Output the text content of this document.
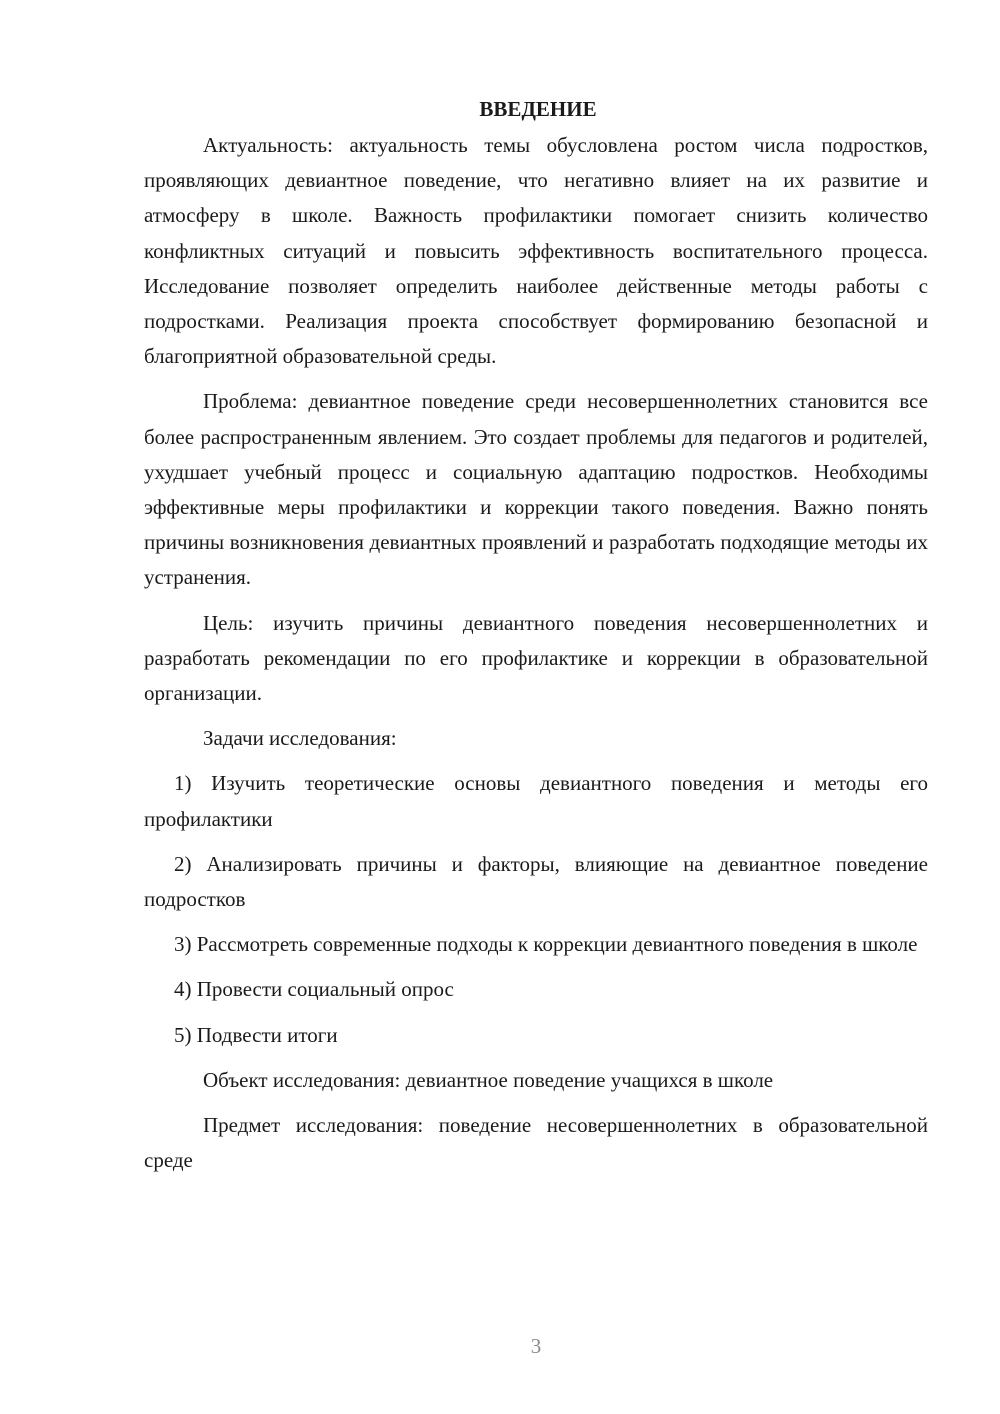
ВВЕДЕНИЕ

Актуальность: актуальность темы обусловлена ростом числа подростков, проявляющих девиантное поведение, что негативно влияет на их развитие и атмосферу в школе. Важность профилактики помогает снизить количество конфликтных ситуаций и повысить эффективность воспитательного процесса. Исследование позволяет определить наиболее действенные методы работы с подростками. Реализация проекта способствует формированию безопасной и благоприятной образовательной среды.

Проблема: девиантное поведение среди несовершеннолетних становится все более распространенным явлением. Это создает проблемы для педагогов и родителей, ухудшает учебный процесс и социальную адаптацию подростков. Необходимы эффективные меры профилактики и коррекции такого поведения. Важно понять причины возникновения девиантных проявлений и разработать подходящие методы их устранения.

Цель: изучить причины девиантного поведения несовершеннолетних и разработать рекомендации по его профилактике и коррекции в образовательной организации.

Задачи исследования:

1) Изучить теоретические основы девиантного поведения и методы его профилактики

2) Анализировать причины и факторы, влияющие на девиантное поведение подростков

3) Рассмотреть современные подходы к коррекции девиантного поведения в школе

4) Провести социальный опрос

5) Подвести итоги

Объект исследования: девиантное поведение учащихся в школе

Предмет исследования: поведение несовершеннолетних в образовательной среде

3
